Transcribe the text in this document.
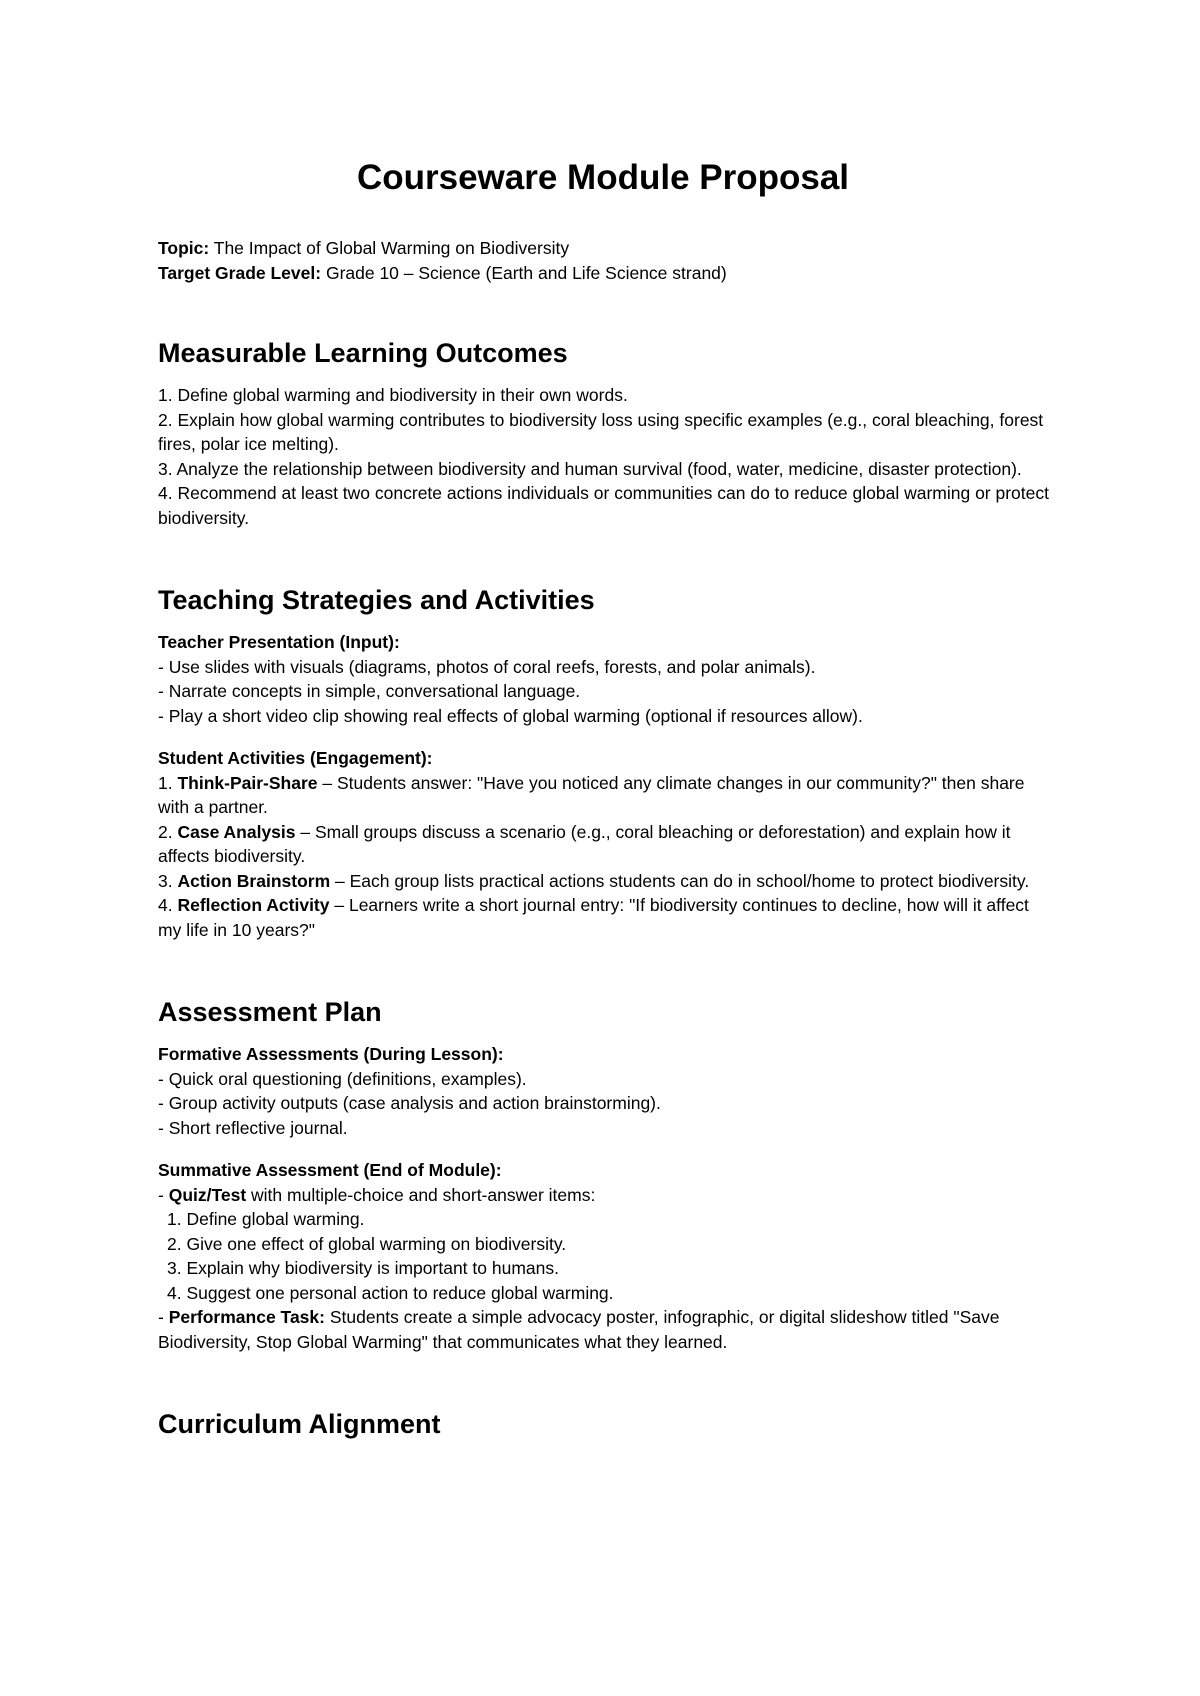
Courseware Module Proposal
Topic: The Impact of Global Warming on Biodiversity
Target Grade Level: Grade 10 – Science (Earth and Life Science strand)
Measurable Learning Outcomes
1. Define global warming and biodiversity in their own words.
2. Explain how global warming contributes to biodiversity loss using specific examples (e.g., coral bleaching, forest fires, polar ice melting).
3. Analyze the relationship between biodiversity and human survival (food, water, medicine, disaster protection).
4. Recommend at least two concrete actions individuals or communities can do to reduce global warming or protect biodiversity.
Teaching Strategies and Activities
Teacher Presentation (Input):
- Use slides with visuals (diagrams, photos of coral reefs, forests, and polar animals).
- Narrate concepts in simple, conversational language.
- Play a short video clip showing real effects of global warming (optional if resources allow).
Student Activities (Engagement):
1. Think-Pair-Share – Students answer: "Have you noticed any climate changes in our community?" then share with a partner.
2. Case Analysis – Small groups discuss a scenario (e.g., coral bleaching or deforestation) and explain how it affects biodiversity.
3. Action Brainstorm – Each group lists practical actions students can do in school/home to protect biodiversity.
4. Reflection Activity – Learners write a short journal entry: "If biodiversity continues to decline, how will it affect my life in 10 years?"
Assessment Plan
Formative Assessments (During Lesson):
- Quick oral questioning (definitions, examples).
- Group activity outputs (case analysis and action brainstorming).
- Short reflective journal.
Summative Assessment (End of Module):
- Quiz/Test with multiple-choice and short-answer items:
1. Define global warming.
2. Give one effect of global warming on biodiversity.
3. Explain why biodiversity is important to humans.
4. Suggest one personal action to reduce global warming.
- Performance Task: Students create a simple advocacy poster, infographic, or digital slideshow titled "Save Biodiversity, Stop Global Warming" that communicates what they learned.
Curriculum Alignment
